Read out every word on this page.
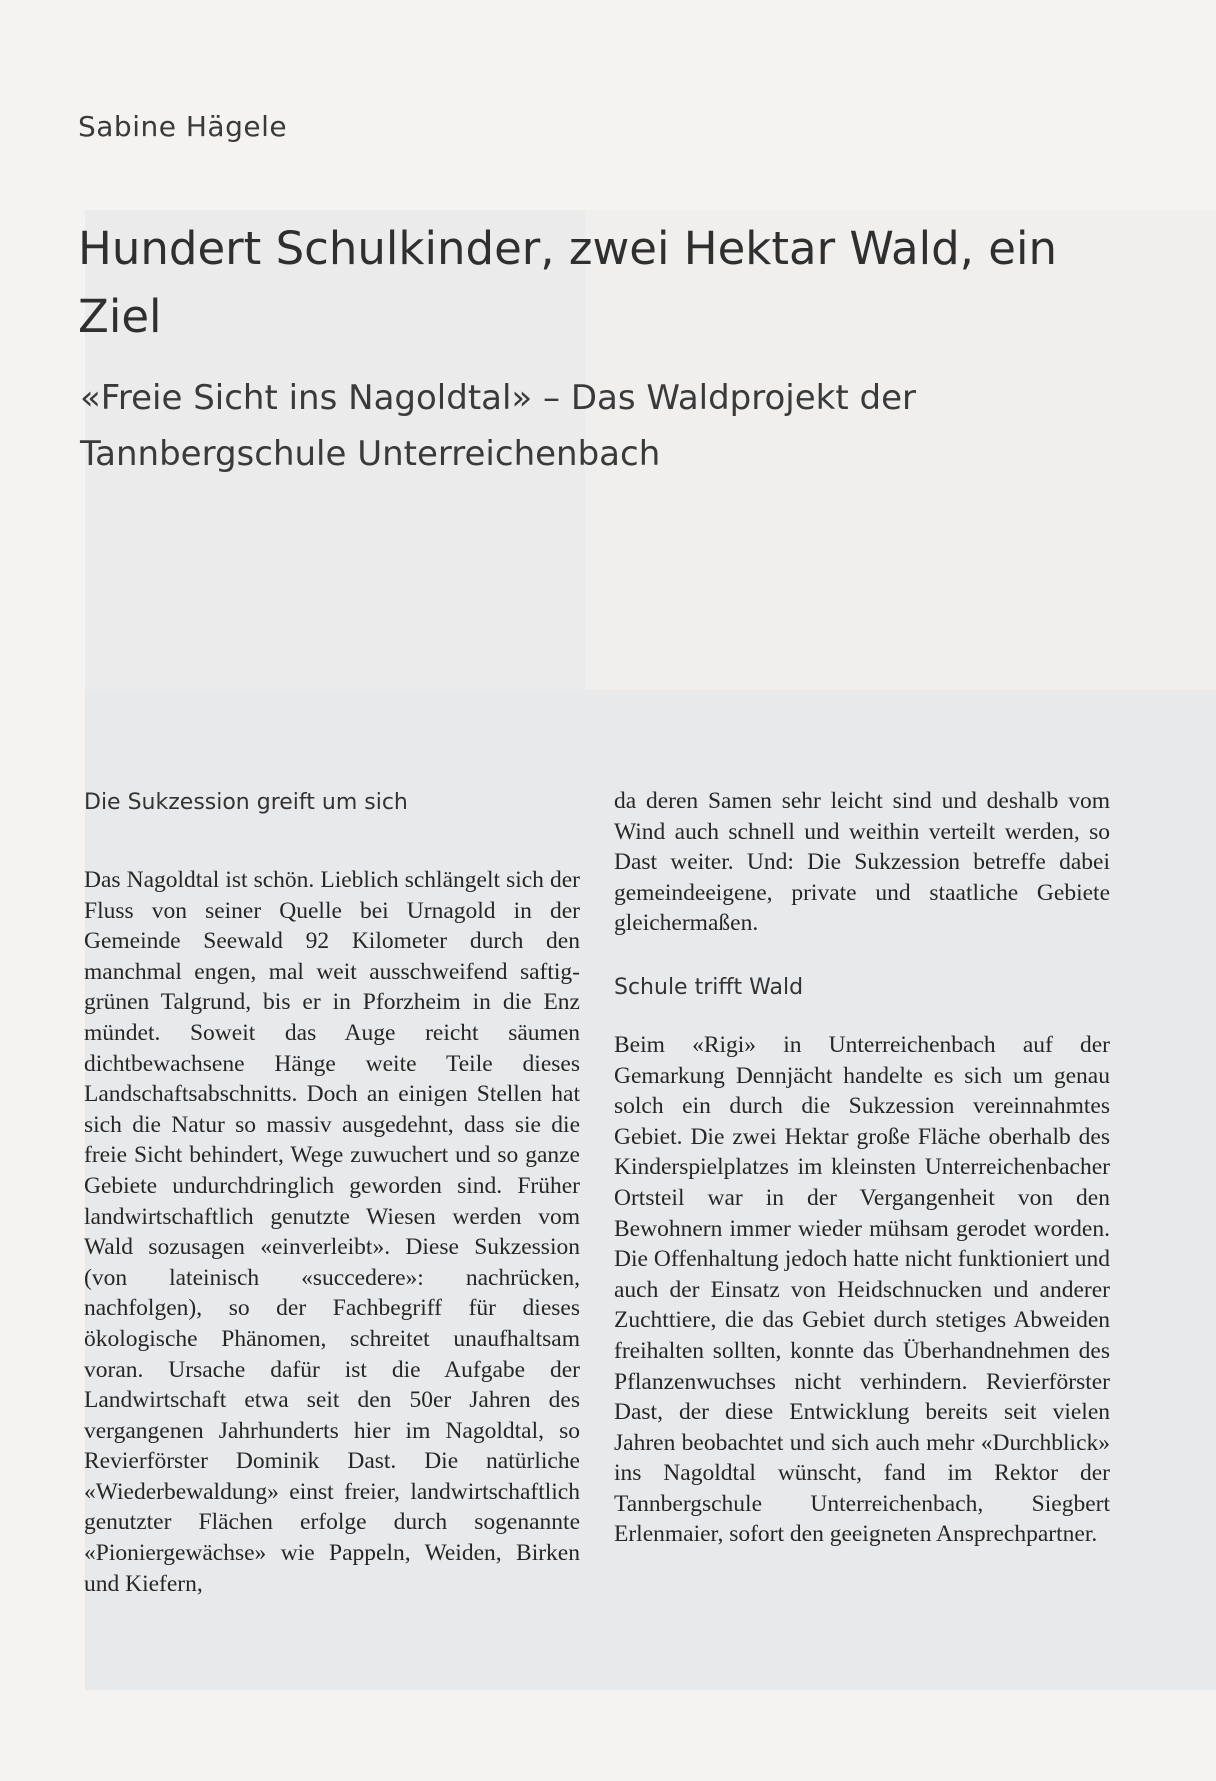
Sabine Hägele
Hundert Schulkinder, zwei Hektar Wald, ein Ziel
«Freie Sicht ins Nagoldtal» – Das Waldprojekt der Tannbergschule Unterreichenbach
Die Sukzession greift um sich

Das Nagoldtal ist schön. Lieblich schlängelt sich der Fluss von seiner Quelle bei Urnagold in der Gemeinde Seewald 92 Kilometer durch den manchmal engen, mal weit ausschweifend saftig-grünen Talgrund, bis er in Pforzheim in die Enz mündet. Soweit das Auge reicht säumen dichtbewachsene Hänge weite Teile dieses Landschaftsabschnitts. Doch an einigen Stellen hat sich die Natur so massiv ausgedehnt, dass sie die freie Sicht behindert, Wege zuwuchert und so ganze Gebiete undurchdringlich geworden sind. Früher landwirtschaftlich genutzte Wiesen werden vom Wald sozusagen «einverleibt». Diese Sukzession (von lateinisch «succedere»: nachrücken, nachfolgen), so der Fachbegriff für dieses ökologische Phänomen, schreitet unaufhaltsam voran. Ursache dafür ist die Aufgabe der Landwirtschaft etwa seit den 50er Jahren des vergangenen Jahrhunderts hier im Nagoldtal, so Revierförster Dominik Dast. Die natürliche «Wiederbewaldung» einst freier, landwirtschaftlich genutzter Flächen erfolge durch sogenannte «Pioniergewächse» wie Pappeln, Weiden, Birken und Kiefern,

da deren Samen sehr leicht sind und deshalb vom Wind auch schnell und weithin verteilt werden, so Dast weiter. Und: Die Sukzession betreffe dabei gemeindeeigene, private und staatliche Gebiete gleichermaßen.

Schule trifft Wald

Beim «Rigi» in Unterreichenbach auf der Gemarkung Dennjächt handelte es sich um genau solch ein durch die Sukzession vereinnahmtes Gebiet. Die zwei Hektar große Fläche oberhalb des Kinderspielplatzes im kleinsten Unterreichenbacher Ortsteil war in der Vergangenheit von den Bewohnern immer wieder mühsam gerodet worden. Die Offenhaltung jedoch hatte nicht funktioniert und auch der Einsatz von Heidschnucken und anderer Zuchttiere, die das Gebiet durch stetiges Abweiden freihalten sollten, konnte das Überhandnehmen des Pflanzenwuchses nicht verhindern. Revierförster Dast, der diese Entwicklung bereits seit vielen Jahren beobachtet und sich auch mehr «Durchblick» ins Nagoldtal wünscht, fand im Rektor der Tannbergschule Unterreichenbach, Siegbert Erlenmaier, sofort den geeigneten Ansprechpartner.
